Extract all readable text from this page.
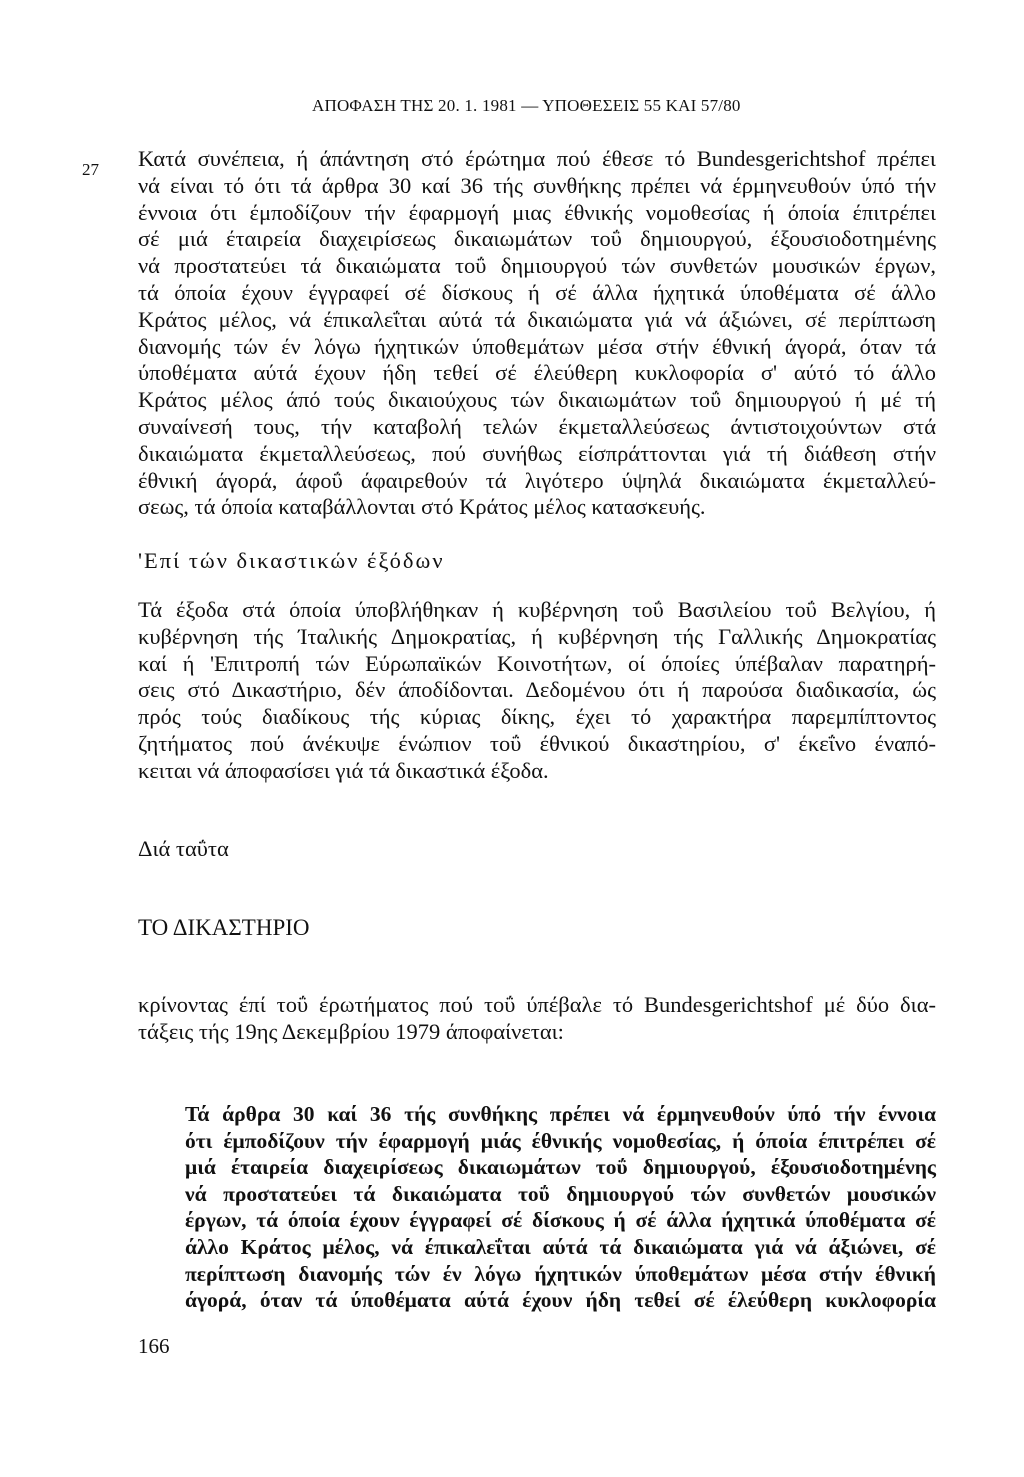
ΑΠΟΦΑΣΗ ΤΗΣ 20. 1. 1981 — ΥΠΟΘΕΣΕΙΣ 55 ΚΑΙ 57/80
27 Κατά συνέπεια, ή άπάντηση στό έρώτημα πού έθεσε τό Bundesgerichtshof πρέπει
νά είναι τό ότι τά άρθρα 30 καί 36 τής συνθήκης πρέπει νά έρμηνευθούν ύπό τήν
έννοια ότι έμποδίζουν τήν έφαρμογή μιας έθνικής νομοθεσίας ή όποία έπιτρέπει
σέ μιά έταιρεία διαχειρίσεως δικαιωμάτων τοΰ δημιουργού, έξουσιοδοτημένης
νά προστατεύει τά δικαιώματα τοΰ δημιουργού τών συνθετών μουσικών έργων,
τά όποία έχουν έγγραφεί σέ δίσκους ή σέ άλλα ήχητικά ύποθέματα σέ άλλο
Κράτος μέλος, νά έπικαλεΐται αύτά τά δικαιώματα γιά νά άξιώνει, σέ περίπτωση
διανομής τών έν λόγω ήχητικών ύποθεμάτων μέσα στήν έθνική άγορά, όταν τά
ύποθέματα αύτά έχουν ήδη τεθεί σέ έλεύθερη κυκλοφορία σ' αύτό τό άλλο
Κράτος μέλος άπό τούς δικαιούχους τών δικαιωμάτων τοΰ δημιουργού ή μέ τή
συναίνεσή τους, τήν καταβολή τελών έκμεταλλεύσεως άντιστοιχούντων στά
δικαιώματα έκμεταλλεύσεως, πού συνήθως είσπράττονται γιά τή διάθεση στήν
έθνική άγορά, άφοΰ άφαιρεθούν τά λιγότερο ύψηλά δικαιώματα έκμεταλλεύ-
σεως, τά όποία καταβάλλονται στό Κράτος μέλος κατασκευής.

'Επί τών δικαστικών έξόδων

Τά έξοδα στά όποία ύποβλήθηκαν ή κυβέρνηση τοΰ Βασιλείου τοΰ Βελγίου, ή
κυβέρνηση τής Ίταλικής Δημοκρατίας, ή κυβέρνηση τής Γαλλικής Δημοκρατίας
καί ή 'Επιτροπή τών Εύρωπαϊκών Κοινοτήτων, οί όποίες ύπέβαλαν παρατηρή-
σεις στό Δικαστήριο, δέν άποδίδονται. Δεδομένου ότι ή παρούσα διαδικασία, ώς
πρός τούς διαδίκους τής κύριας δίκης, έχει τό χαρακτήρα παρεμπίπτοντος
ζητήματος πού άνέκυψε ένώπιον τοΰ έθνικού δικαστηρίου, σ' έκεΐνο έναπό-
κειται νά άποφασίσει γιά τά δικαστικά έξοδα.

Διά ταΰτα
ΤΟ ΔΙΚΑΣΤΗΡΙΟ

κρίνοντας έπί τοΰ έρωτήματος πού τοΰ ύπέβαλε τό Bundesgerichtshof μέ δύο δια-
τάξεις τής 19ης Δεκεμβρίου 1979 άποφαίνεται:

Τά άρθρα 30 καί 36 τής συνθήκης πρέπει νά έρμηνευθούν ύπό τήν έννοια
ότι έμποδίζουν τήν έφαρμογή μιάς έθνικής νομοθεσίας, ή όποία έπιτρέπει σέ
μιά έταιρεία διαχειρίσεως δικαιωμάτων τοΰ δημιουργού, έξουσιοδοτημένης
νά προστατεύει τά δικαιώματα τοΰ δημιουργού τών συνθετών μουσικών
έργων, τά όποία έχουν έγγραφεί σέ δίσκους ή σέ άλλα ήχητικά ύποθέματα σέ
άλλο Κράτος μέλος, νά έπικαλεΐται αύτά τά δικαιώματα γιά νά άξιώνει, σέ
περίπτωση διανομής τών έν λόγω ήχητικών ύποθεμάτων μέσα στήν έθνική
άγορά, όταν τά ύποθέματα αύτά έχουν ήδη τεθεί σέ έλεύθερη κυκλοφορία

166
